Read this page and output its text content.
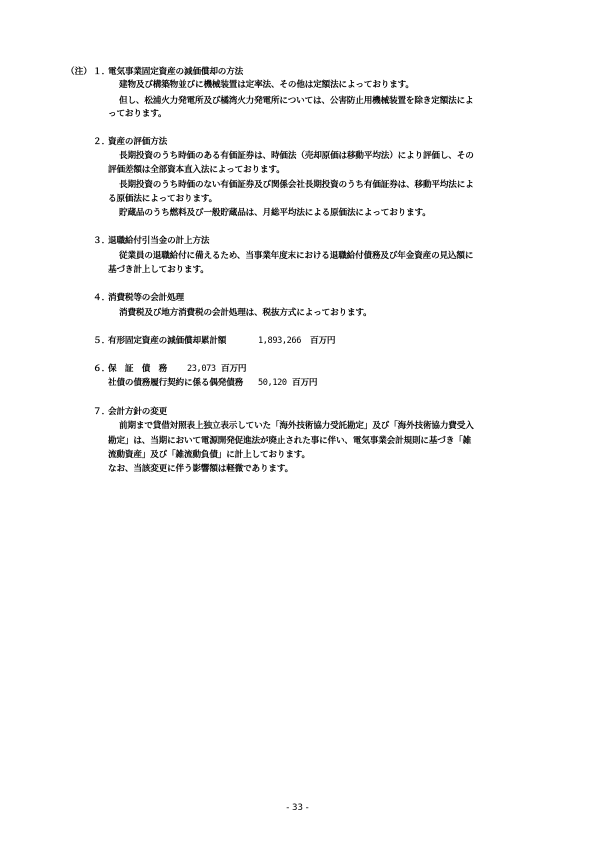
（注） １．
電気事業固定資産の減価償却の方法
建物及び構築物並びに機械装置は定率法、その他は定額法によっております。
但し、松浦火力発電所及び橘湾火力発電所については、公害防止用機械装置を除き定額法によ
っております。
２．
資産の評価方法
長期投資のうち時価のある有価証券は、時価法（売却原価は移動平均法）により評価し、その
評価差額は全部資本直入法によっております。
長期投資のうち時価のない有価証券及び関係会社長期投資のうち有価証券は、移動平均法によ
る原価法によっております。
貯蔵品のうち燃料及び一般貯蔵品は、月総平均法による原価法によっております。
３．
退職給付引当金の計上方法
従業員の退職給付に備えるため、当事業年度末における退職給付債務及び年金資産の見込額に
基づき計上しております。
４．
消費税等の会計処理
消費税及び地方消費税の会計処理は、税抜方式によっております。
５．
有形固定資産の減価償却累計額	1,893,266 百万円
６．
保　証　債　務 23,073 百万円
社債の債務履行契約に係る偶発債務 50,120 百万円
７．
会計方針の変更
前期まで貸借対照表上独立表示していた「海外技術協力受託勘定」及び「海外技術協力費受入
勘定」は、当期において電源開発促進法が廃止された事に伴い、電気事業会計規則に基づき「雑
流動資産」及び「雑流動負債」に計上しております。
なお、当該変更に伴う影響額は軽微であります。
- 33 -
